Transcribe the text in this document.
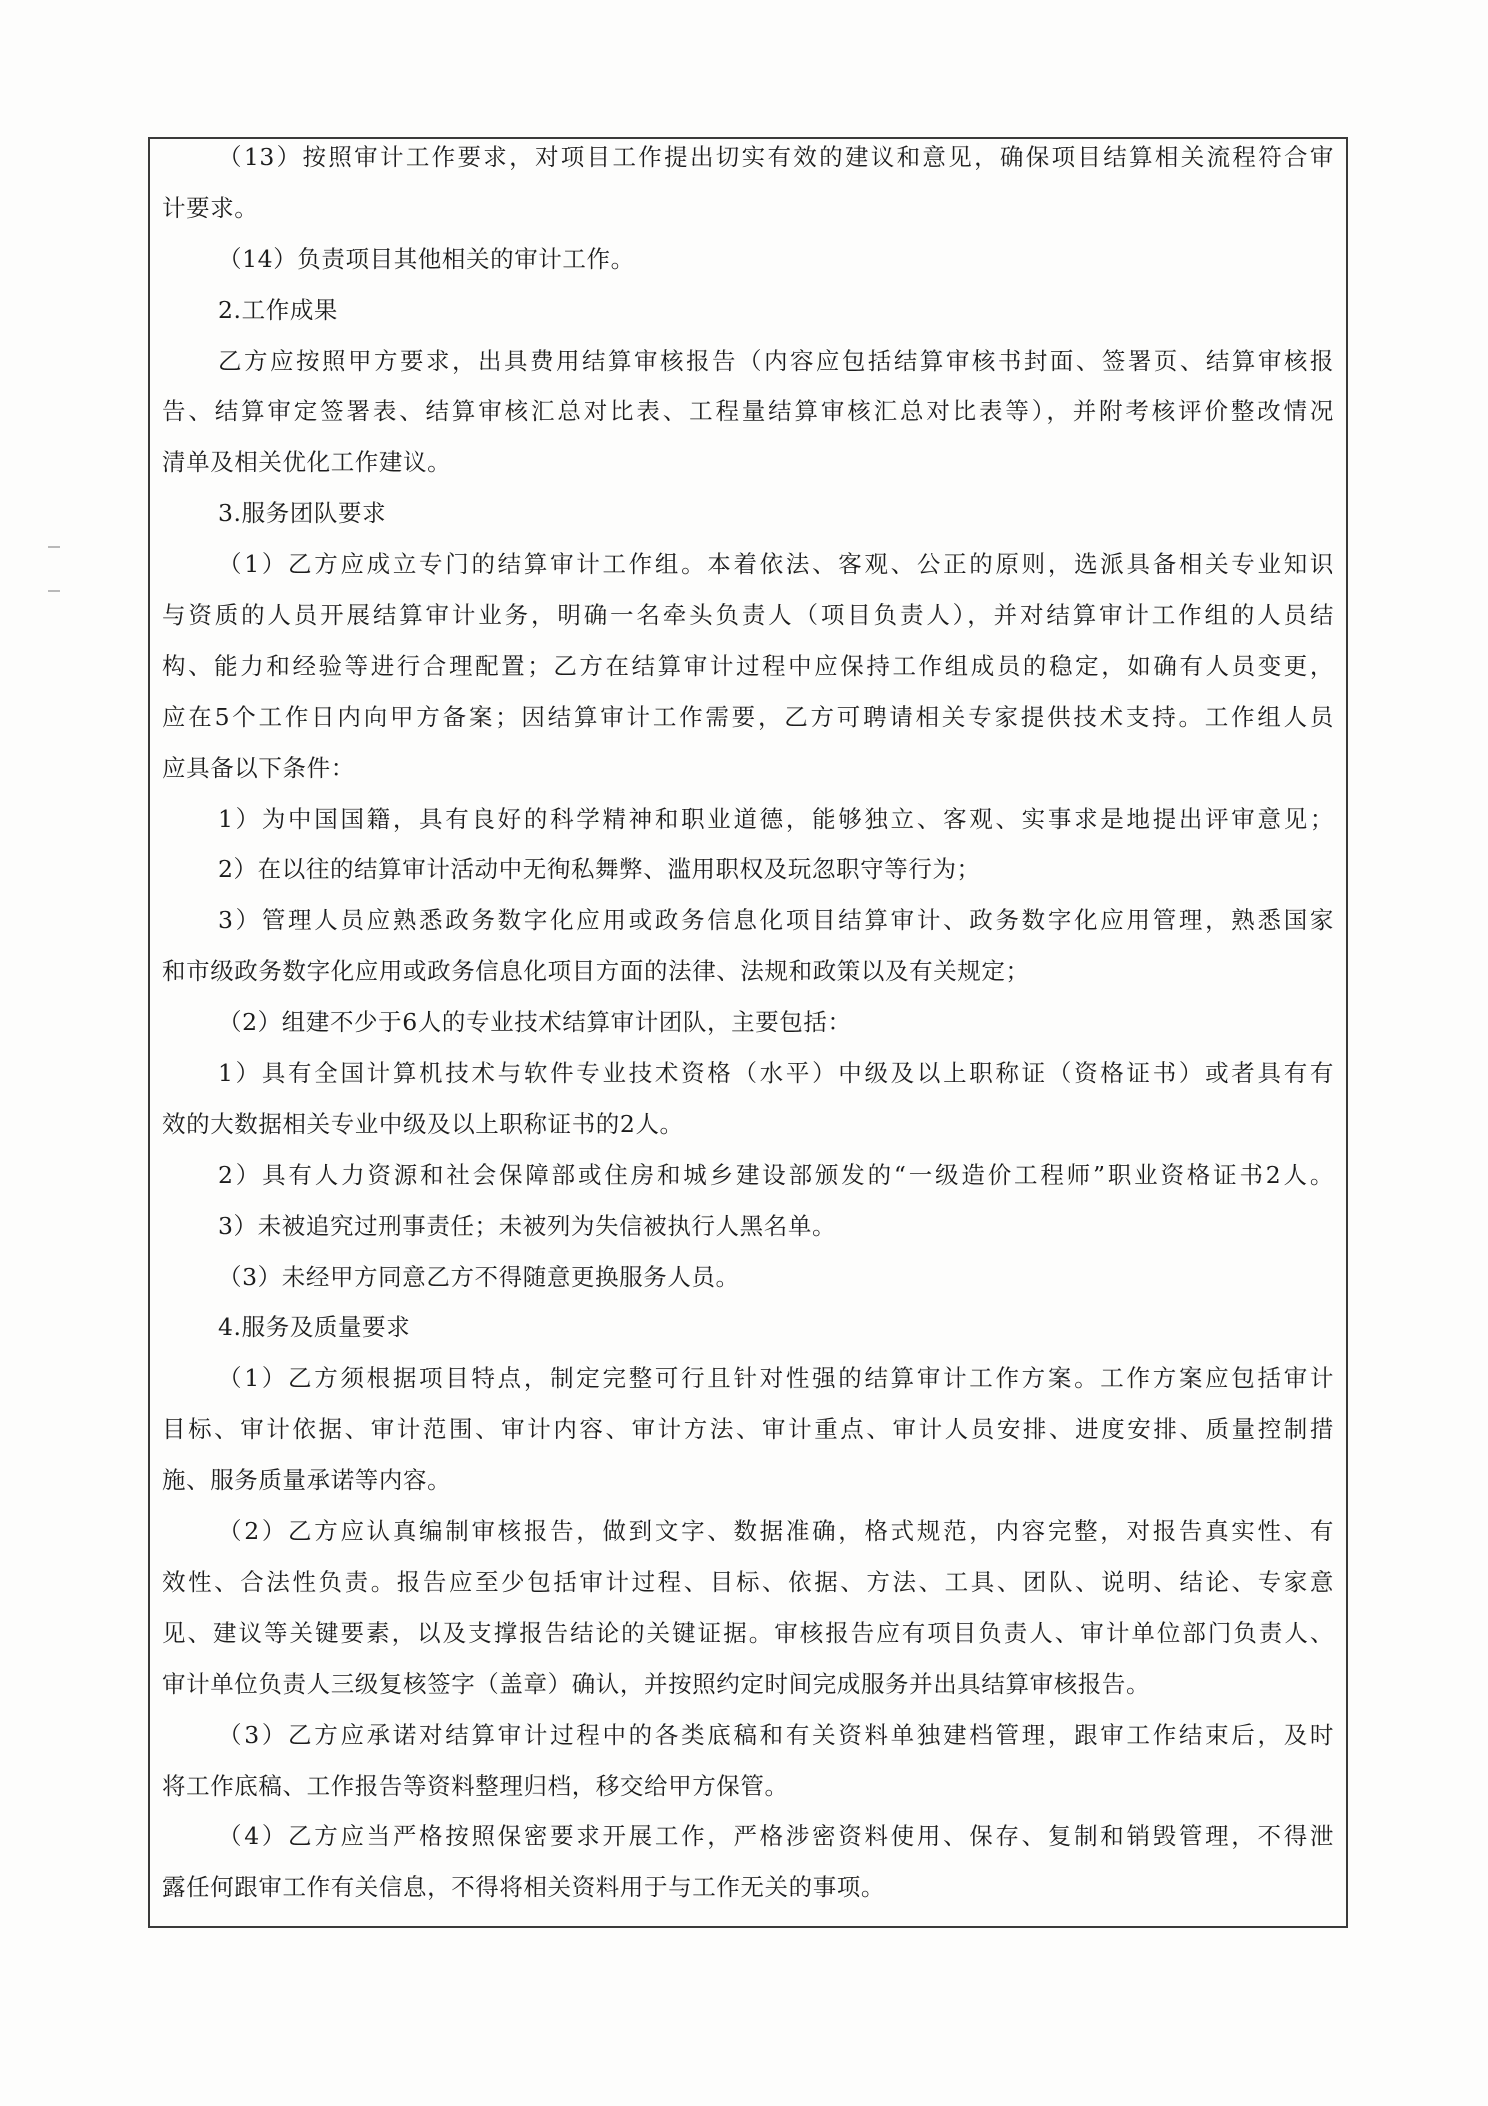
（13）按照审计工作要求，对项目工作提出切实有效的建议和意见，确保项目结算相关流程符合审
计要求。
（14）负责项目其他相关的审计工作。
2.工作成果
乙方应按照甲方要求，出具费用结算审核报告（内容应包括结算审核书封面、签署页、结算审核报
告、结算审定签署表、结算审核汇总对比表、工程量结算审核汇总对比表等），并附考核评价整改情况
清单及相关优化工作建议。
3.服务团队要求
（1）乙方应成立专门的结算审计工作组。本着依法、客观、公正的原则，选派具备相关专业知识
与资质的人员开展结算审计业务，明确一名牵头负责人（项目负责人），并对结算审计工作组的人员结
构、能力和经验等进行合理配置；乙方在结算审计过程中应保持工作组成员的稳定，如确有人员变更，
应在5个工作日内向甲方备案；因结算审计工作需要，乙方可聘请相关专家提供技术支持。工作组人员
应具备以下条件：
1）为中国国籍，具有良好的科学精神和职业道德，能够独立、客观、实事求是地提出评审意见；
2）在以往的结算审计活动中无徇私舞弊、滥用职权及玩忽职守等行为；
3）管理人员应熟悉政务数字化应用或政务信息化项目结算审计、政务数字化应用管理，熟悉国家
和市级政务数字化应用或政务信息化项目方面的法律、法规和政策以及有关规定；
（2）组建不少于6人的专业技术结算审计团队，主要包括：
1）具有全国计算机技术与软件专业技术资格（水平）中级及以上职称证（资格证书）或者具有有
效的大数据相关专业中级及以上职称证书的2人。
2）具有人力资源和社会保障部或住房和城乡建设部颁发的“一级造价工程师”职业资格证书2人。
3）未被追究过刑事责任；未被列为失信被执行人黑名单。
（3）未经甲方同意乙方不得随意更换服务人员。
4.服务及质量要求
（1）乙方须根据项目特点，制定完整可行且针对性强的结算审计工作方案。工作方案应包括审计
目标、审计依据、审计范围、审计内容、审计方法、审计重点、审计人员安排、进度安排、质量控制措
施、服务质量承诺等内容。
（2）乙方应认真编制审核报告，做到文字、数据准确，格式规范，内容完整，对报告真实性、有
效性、合法性负责。报告应至少包括审计过程、目标、依据、方法、工具、团队、说明、结论、专家意
见、建议等关键要素，以及支撑报告结论的关键证据。审核报告应有项目负责人、审计单位部门负责人、
审计单位负责人三级复核签字（盖章）确认，并按照约定时间完成服务并出具结算审核报告。
（3）乙方应承诺对结算审计过程中的各类底稿和有关资料单独建档管理，跟审工作结束后，及时
将工作底稿、工作报告等资料整理归档，移交给甲方保管。
（4）乙方应当严格按照保密要求开展工作，严格涉密资料使用、保存、复制和销毁管理，不得泄
露任何跟审工作有关信息，不得将相关资料用于与工作无关的事项。
